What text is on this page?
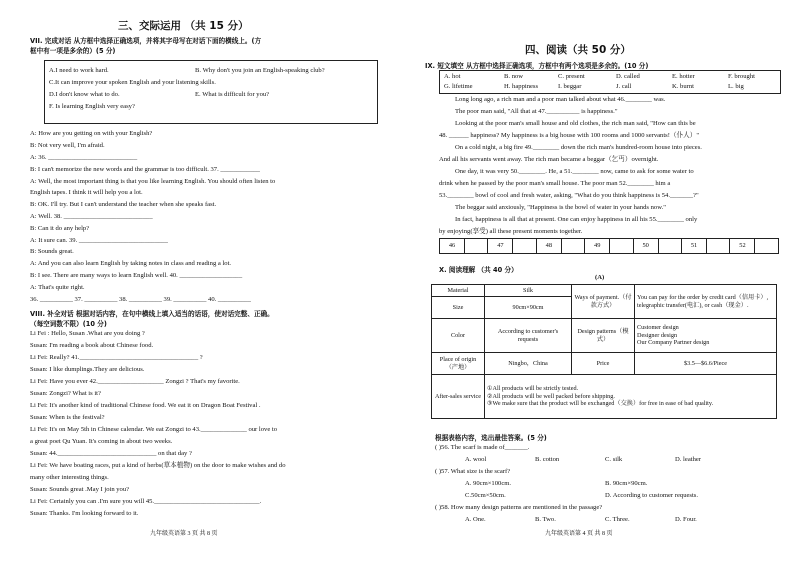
三、交际运用 （共 15 分）
VII. 完成对话 从方框中选择正确选项，并将其字母写在对话下面的横线上。(方
框中有一项是多余的）(5 分)
A.I need to work hard.	B. Why don't you join an English-speaking club?
C.It can improve your spoken English and your listening skills.
D.I don't know what to do.	E. What is difficult for you?
F. Is learning English very easy?
A: How are you getting on with your English?
B: Not very well, I'm afraid.
A: 36. ___________________________
B: I can't memorize the new words and the grammar is too difficult. 37. ____________
A: Well, the most important thing is that you like learning English. You should often listen to
English tapes. I think it will help you a lot.
B: OK. I'll try. But I can't understand the teacher when she speaks fast.
A: Well. 38. ___________________________
B: Can it do any help?
A: It sure can. 39. ___________________________
B: Sounds great.
A: And you can also learn English by taking notes in class and reading a lot.
B: I see. There are many ways to learn English well. 40. ___________________
A: That's quite right.
36. __________ 37. __________ 38. __________ 39. __________ 40. __________
VIII. 补全对话 根据对话内容，在句中横线上填入适当的话语，使对话完整、正确。
（每空词数不限）(10 分)
Li Fei : Hello, Susan .What are you doing ?
Susan: I'm reading a book about Chinese food.
Li Fei: Really? 41.____________________________________ ?
Susan: I like dumplings.They are delicious.
Li Fei: Have you ever 42.____________________ Zongzi ? That's my favorite.
Susan: Zongzi? What is it?
Li Fei: It's another kind of traditional Chinese food. We eat it on Dragon Boat Festival .
Susan: When is the festival?
Li Fei: It's on May 5th in Chinese calendar. We eat Zongzi to 43.______________ our love to
a great poet Qu Yuan. It's coming in about two weeks.
Susan: 44.______________________________ on that day ?
Li Fei: We have boating races, put a kind of herbs(草本植物) on the door to make wishes and do
many other interesting things.
Susan: Sounds great .May I join you?
Li Fei: Certainly you can .I'm sure you will 45.________________________________.
Susan: Thanks. I'm looking forward to it.
九年级英语第 3 页 共 8 页
四、阅读（共 50 分）
IX. 短文填空 从方框中选择正确选项，方框中有两个选项是多余的。(10 分)
A. hot	B. now	C. present	D. called	E. hotter	F. brought
G. lifetime	H. happiness	I. beggar	J. call	K. burnt	L. big
Long long ago, a rich man and a poor man talked about what 46.________ was.
The poor man said, "All that at 47.__________ is happiness."
Looking at the poor man's small house and old clothes, the rich man said, "How can this be
48. ______ happiness? My happiness is a big house with 100 rooms and 1000 servants!（仆人）"
On a cold night, a big fire 49.________ down the rich man's hundred-room house into pieces.
And all his servants went away. The rich man became a beggar（乞丐）overnight.
One day, it was very 50.________. He, a 51.________ now, came to ask for some water to
drink when he passed by the poor man's small house. The poor man 52.________ him a
53.________ bowl of cool and fresh water, asking, "What do you think happiness is 54._______?"
The beggar said anxiously, "Happiness is the bowl of water in your hands now."
In fact, happiness is all that at present. One can enjoy happiness in all his 55.________ only
by enjoying(享受) all these present moments together.
46		47		48		49		50		51		52	
X. 阅读理解 （共 40 分）
(A)
Material	Silk	Ways of payment.（付款方式）	You can pay for the order by credit card（信用卡）, telegraphic transfer(电汇), or cash（现金）.
Size	90cm×90cm		
Color	According to customer's requests	Design patterns（模式）	Customer design
Designer design
Our Company Partner design

Place of origin（产地）	Ningbo，China	Price	$3.5—$6.6/Piece
After-sales service	①All products will be strictly tested.
②All products will be well packed before shipping.
③We make sure that the product will be exchanged（交换）for free in ease of bad quality.		
根据表格内容，选出最佳答案。(5 分)
( )56. The scarf is made of_______.
A. wool	B. cotton	C. silk	D. leather
( )57. What size is the scarf?
A. 90cm×100cm.	B. 90cm×90cm.
C.50cm×50cm.	D. According to customer requests.
( )58. How many design patterns are mentioned in the passage?
A. One.	B. Two.	C. Three.	D. Four.
九年级英语第 4 页 共 8 页
